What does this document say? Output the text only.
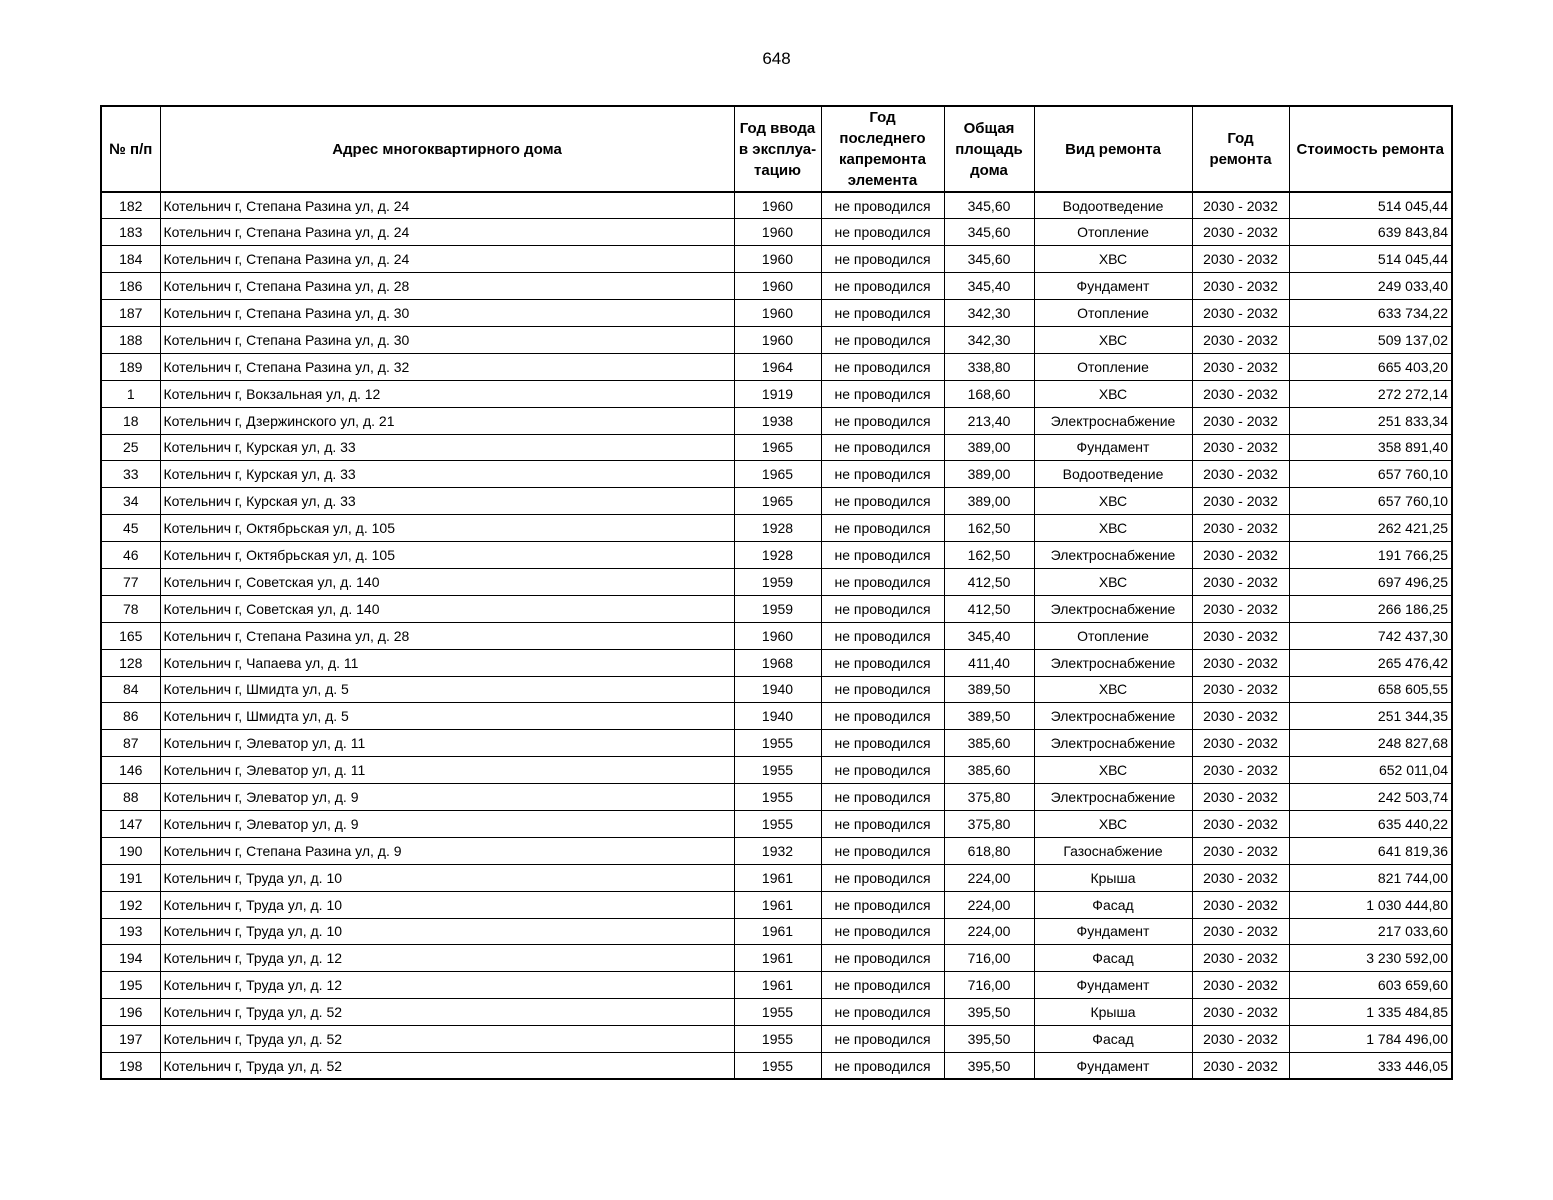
648
№ п/п	Адрес многоквартирного дома	Год ввода в эксплуа-тацию	Год последнего капремонта элемента	Общая площадь дома	Вид ремонта	Год ремонта	Стоимость ремонта
182	Котельнич г, Степана Разина ул, д. 24	1960	не проводился	345,60	Водоотведение	2030 - 2032	514 045,44
183	Котельнич г, Степана Разина ул, д. 24	1960	не проводился	345,60	Отопление	2030 - 2032	639 843,84
184	Котельнич г, Степана Разина ул, д. 24	1960	не проводился	345,60	ХВС	2030 - 2032	514 045,44
186	Котельнич г, Степана Разина ул, д. 28	1960	не проводился	345,40	Фундамент	2030 - 2032	249 033,40
187	Котельнич г, Степана Разина ул, д. 30	1960	не проводился	342,30	Отопление	2030 - 2032	633 734,22
188	Котельнич г, Степана Разина ул, д. 30	1960	не проводился	342,30	ХВС	2030 - 2032	509 137,02
189	Котельнич г, Степана Разина ул, д. 32	1964	не проводился	338,80	Отопление	2030 - 2032	665 403,20
1	Котельнич г, Вокзальная ул, д. 12	1919	не проводился	168,60	ХВС	2030 - 2032	272 272,14
18	Котельнич г, Дзержинского ул, д. 21	1938	не проводился	213,40	Электроснабжение	2030 - 2032	251 833,34
25	Котельнич г, Курская ул, д. 33	1965	не проводился	389,00	Фундамент	2030 - 2032	358 891,40
33	Котельнич г, Курская ул, д. 33	1965	не проводился	389,00	Водоотведение	2030 - 2032	657 760,10
34	Котельнич г, Курская ул, д. 33	1965	не проводился	389,00	ХВС	2030 - 2032	657 760,10
45	Котельнич г, Октябрьская ул, д. 105	1928	не проводился	162,50	ХВС	2030 - 2032	262 421,25
46	Котельнич г, Октябрьская ул, д. 105	1928	не проводился	162,50	Электроснабжение	2030 - 2032	191 766,25
77	Котельнич г, Советская ул, д. 140	1959	не проводился	412,50	ХВС	2030 - 2032	697 496,25
78	Котельнич г, Советская ул, д. 140	1959	не проводился	412,50	Электроснабжение	2030 - 2032	266 186,25
165	Котельнич г, Степана Разина ул, д. 28	1960	не проводился	345,40	Отопление	2030 - 2032	742 437,30
128	Котельнич г, Чапаева ул, д. 11	1968	не проводился	411,40	Электроснабжение	2030 - 2032	265 476,42
84	Котельнич г, Шмидта ул, д. 5	1940	не проводился	389,50	ХВС	2030 - 2032	658 605,55
86	Котельнич г, Шмидта ул, д. 5	1940	не проводился	389,50	Электроснабжение	2030 - 2032	251 344,35
87	Котельнич г, Элеватор ул, д. 11	1955	не проводился	385,60	Электроснабжение	2030 - 2032	248 827,68
146	Котельнич г, Элеватор ул, д. 11	1955	не проводился	385,60	ХВС	2030 - 2032	652 011,04
88	Котельнич г, Элеватор ул, д. 9	1955	не проводился	375,80	Электроснабжение	2030 - 2032	242 503,74
147	Котельнич г, Элеватор ул, д. 9	1955	не проводился	375,80	ХВС	2030 - 2032	635 440,22
190	Котельнич г, Степана Разина ул, д. 9	1932	не проводился	618,80	Газоснабжение	2030 - 2032	641 819,36
191	Котельнич г, Труда ул, д. 10	1961	не проводился	224,00	Крыша	2030 - 2032	821 744,00
192	Котельнич г, Труда ул, д. 10	1961	не проводился	224,00	Фасад	2030 - 2032	1 030 444,80
193	Котельнич г, Труда ул, д. 10	1961	не проводился	224,00	Фундамент	2030 - 2032	217 033,60
194	Котельнич г, Труда ул, д. 12	1961	не проводился	716,00	Фасад	2030 - 2032	3 230 592,00
195	Котельнич г, Труда ул, д. 12	1961	не проводился	716,00	Фундамент	2030 - 2032	603 659,60
196	Котельнич г, Труда ул, д. 52	1955	не проводился	395,50	Крыша	2030 - 2032	1 335 484,85
197	Котельнич г, Труда ул, д. 52	1955	не проводился	395,50	Фасад	2030 - 2032	1 784 496,00
198	Котельнич г, Труда ул, д. 52	1955	не проводился	395,50	Фундамент	2030 - 2032	333 446,05
